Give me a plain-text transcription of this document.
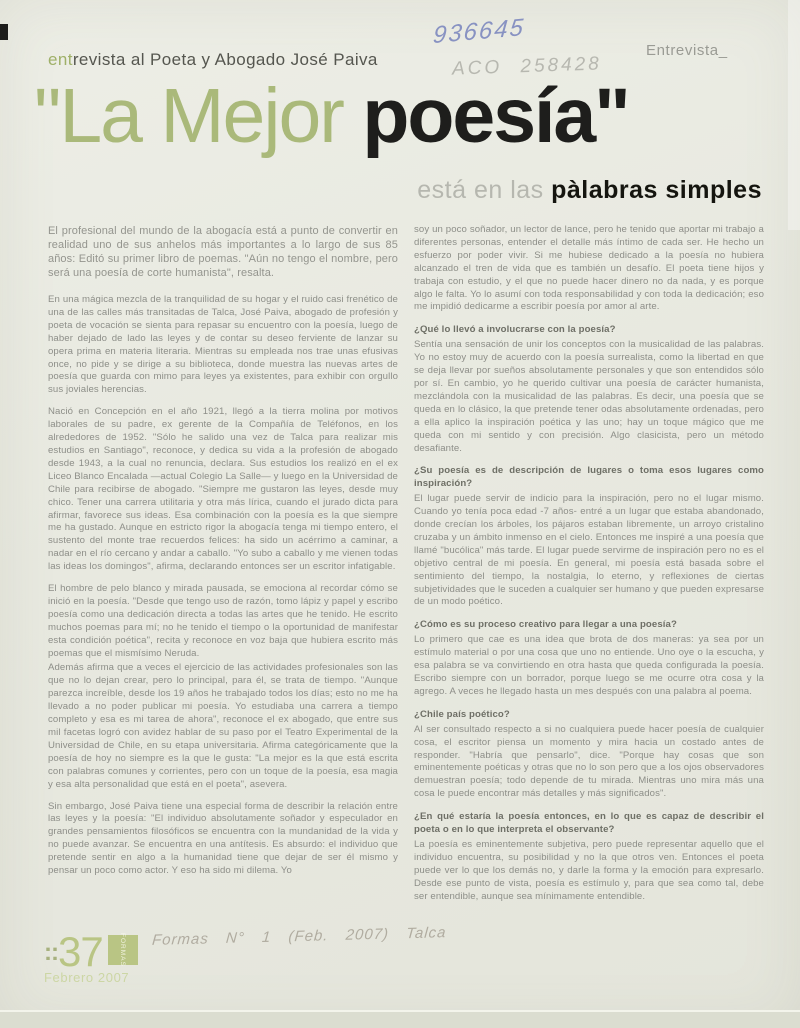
entrevista al Poeta y Abogado José Paiva
936645
ACO 258428
Entrevista_
"La Mejor poesía"
está en las pàlabras simples

El profesional del mundo de la abogacía está a punto de convertir en realidad uno de sus anhelos más importantes a lo largo de sus 85 años: Editó su primer libro de poemas. "Aún no tengo el nombre, pero será una poesía de corte humanista", resalta.

En una mágica mezcla de la tranquilidad de su hogar y el ruido casi frenético de una de las calles más transitadas de Talca, José Paiva, abogado de profesión y poeta de vocación se sienta para repasar su encuentro con la poesía, luego de haber dejado de lado las leyes y de contar su deseo ferviente de lanzar su opera prima en materia literaria. Mientras su empleada nos trae unas efusivas once, no pide y se dirige a su biblioteca, donde muestra las nuevas artes de poesía que guarda con mimo para leyes ya existentes, para exhibir con orgullo sus joviales herencias.

Nació en Concepción en el año 1921, llegó a la tierra molina por motivos laborales de su padre, ex gerente de la Compañía de Teléfonos, en los alrededores de 1952. "Sólo he salido una vez de Talca para realizar mis estudios en Santiago", reconoce, y dedica su vida a la profesión de abogado desde 1943, a la cual no renuncia, declara. Sus estudios los realizó en el ex Liceo Blanco Encalada —actual Colegio La Salle— y luego en la Universidad de Chile para recibirse de abogado. "Siempre me gustaron las leyes, desde muy chico. Tener una carrera utilitaria y otra más lírica, cuando el jurado dicta para afirmar, favorece sus ideas. Esa combinación con la poesía es la que siempre me ha gustado. Aunque en estricto rigor la abogacía tenga mi tiempo entero, el sustento del monte trae recuerdos felices: ha sido un acérrimo a caminar, a nadar en el río cercano y andar a caballo. "Yo subo a caballo y me vienen todas las ideas los domingos", afirma, declarando entonces ser un escritor infatigable.

El hombre de pelo blanco y mirada pausada, se emociona al recordar cómo se inició en la poesía. "Desde que tengo uso de razón, tomo lápiz y papel y escribo poesía como una dedicación directa a todas las artes que he tenido. He escrito muchos poemas para mí; no he tenido el tiempo o la oportunidad de manifestar esta condición poética", recita y reconoce en voz baja que hubiera escrito más poemas que el mismísimo Neruda.

Además afirma que a veces el ejercicio de las actividades profesionales son las que no lo dejan crear, pero lo principal, para él, se trata de tiempo. "Aunque parezca increíble, desde los 19 años he trabajado todos los días; esto no me ha llevado a no poder publicar mi poesía. Yo estudiaba una carrera a tiempo completo y esa es mi tarea de ahora", reconoce el ex abogado, que entre sus mil facetas logró con avidez hablar de su paso por el Teatro Experimental de la Universidad de Chile, en su etapa universitaria. Afirma categóricamente que la poesía de hoy no siempre es la que le gusta: "La mejor es la que está escrita con palabras comunes y corrientes, pero con un toque de la poesía, esa magia y esa alta personalidad que está en el poeta", asevera.

Sin embargo, José Paiva tiene una especial forma de describir la relación entre las leyes y la poesía: "El individuo absolutamente soñador y especulador en grandes pensamientos filosóficos se encuentra con la mundanidad de la vida y no puede avanzar. Se encuentra en una antítesis. Es absurdo: el individuo que pretende sentir en algo a la humanidad tiene que dejar de ser él mismo y pensar un poco como actor. Y eso ha sido mi dilema. Yo

soy un poco soñador, un lector de lance, pero he tenido que aportar mi trabajo a diferentes personas, entender el detalle más íntimo de cada ser. He hecho un esfuerzo por poder vivir. Si me hubiese dedicado a la poesía no hubiera alcanzado el tren de vida que es también un desafío. El poeta tiene hijos y trabaja con estudio, y el que no puede hacer dinero no da nada, y es porque algo le falta. Yo lo asumí con toda responsabilidad y con toda la dedicación; eso me impidió dedicarme a escribir poesía por amor al arte.

¿Qué lo llevó a involucrarse con la poesía?

Sentía una sensación de unir los conceptos con la musicalidad de las palabras. Yo no estoy muy de acuerdo con la poesía surrealista, como la libertad en que se deja llevar por sueños absolutamente personales y que son entendidos sólo por sí. En cambio, yo he querido cultivar una poesía de carácter humanista, mezclándola con la musicalidad de las palabras. Es decir, una poesía que se queda en lo clásico, la que pretende tener odas absolutamente ordenadas, pero a ella aplico la inspiración poética y las uno; hay un toque mágico que me queda con mi sentido y con precisión. Algo clasicista, pero un método desafiante.

¿Su poesía es de descripción de lugares o toma esos lugares como inspiración?

El lugar puede servir de indicio para la inspiración, pero no el lugar mismo. Cuando yo tenía poca edad -7 años- entré a un lugar que estaba abandonado, donde crecían los árboles, los pájaros estaban libremente, un arroyo cristalino cruzaba y un ámbito inmenso en el cielo. Entonces me inspiré a una poesía que llamé "bucólica" más tarde. El lugar puede servirme de inspiración pero no es el objetivo central de mi poesía. En general, mi poesía está basada sobre el sentimiento del tiempo, la nostalgia, lo eterno, y reflexiones de ciertas subjetividades que le suceden a cualquier ser humano y que pueden expresarse de un modo poético.

¿Cómo es su proceso creativo para llegar a una poesía?

Lo primero que cae es una idea que brota de dos maneras: ya sea por un estímulo material o por una cosa que uno no entiende. Uno oye o la escucha, y esa palabra se va convirtiendo en otra hasta que queda configurada la poesía. Escribo siempre con un borrador, porque luego se me ocurre otra cosa y la agrego. A veces he llegado hasta un mes después con una palabra al poema.

¿Chile país poético?

Al ser consultado respecto a si no cualquiera puede hacer poesía de cualquier cosa, el escritor piensa un momento y mira hacia un costado antes de responder. "Habría que pensarlo", dice. "Porque hay cosas que son eminentemente poéticas y otras que no lo son pero que a los ojos observadores demuestran poesía; todo depende de tu mirada. Mientras uno mira más una cosa le puede encontrar más detalles y más significados".

¿En qué estaría la poesía entonces, en lo que es capaz de describir el poeta o en lo que interpreta el observante?

La poesía es eminentemente subjetiva, pero puede representar aquello que el individuo encuentra, su posibilidad y no la que otros ven. Entonces el poeta puede ver lo que los demás no, y darle la forma y la emoción para expresarlo. Desde ese punto de vista, poesía es estímulo y, para que sea como tal, debe ser entendible, aunque sea mínimamente entendible.

:: 37	FORMAS
Febrero 2007
Formas N° 1 (Feb. 2007) Talca
